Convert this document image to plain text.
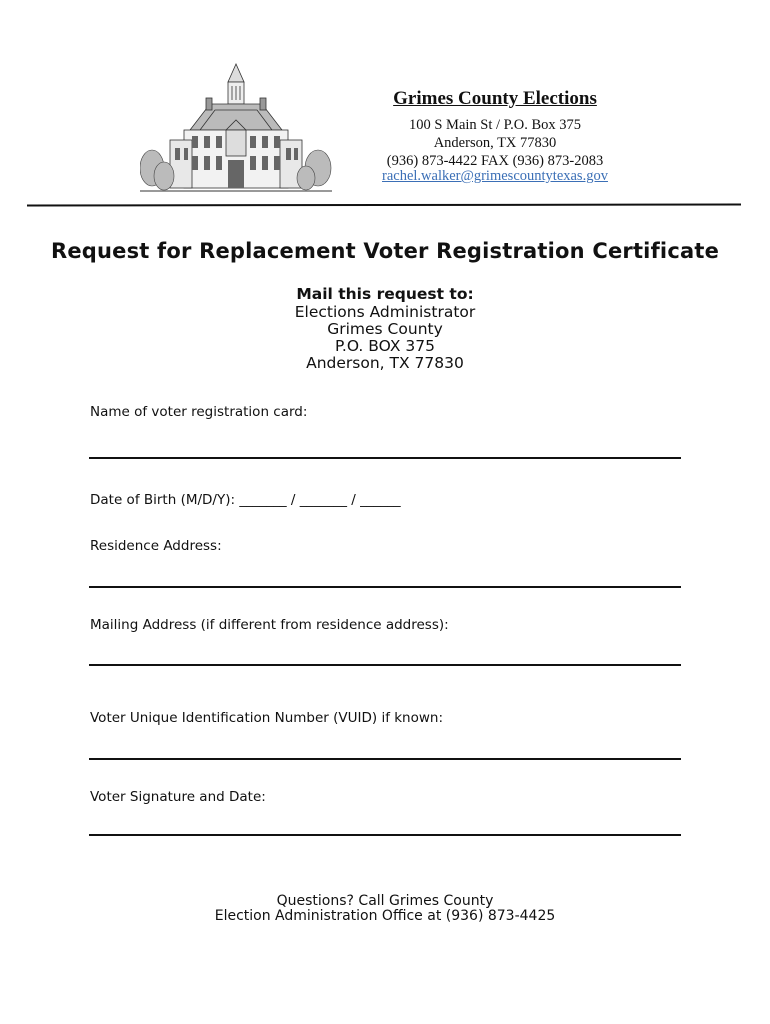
Grimes County Elections
100 S Main St / P.O. Box 375
Anderson, TX 77830
(936) 873-4422 FAX (936) 873-2083
rachel.walker@grimescountytexas.gov
Request for Replacement Voter Registration Certificate
Mail this request to:
Elections Administrator
Grimes County
P.O. BOX 375
Anderson, TX 77830
Name of voter registration card:
Date of Birth (M/D/Y): _______ / _______ / ______
Residence Address:
Mailing Address (if different from residence address):
Voter Unique Identification Number (VUID) if known:
Voter Signature and Date:
Questions? Call Grimes County
Election Administration Office at (936) 873-4425
